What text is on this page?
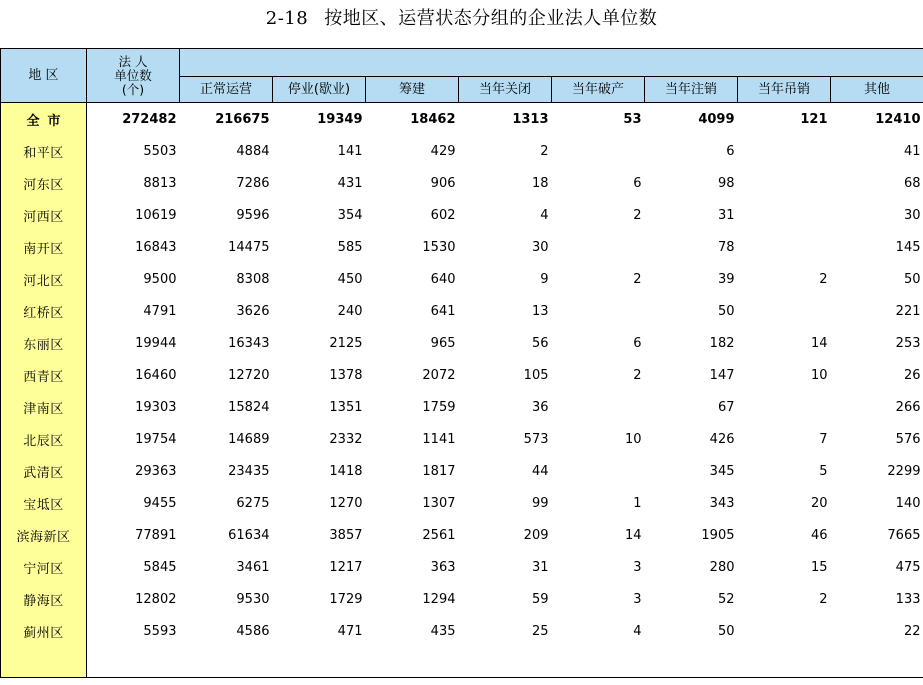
2-18 按地区、运营状态分组的企业法人单位数
地 区	法 人
单位数
(个)								

		正常运营	停业(歇业)	筹建	当年关闭	当年破产	当年注销	当年吊销	其他
全市	272482	216675	19349	18462	1313	53	4099	121	12410
和平区	5503	4884	141	429	2		6		41
河东区	8813	7286	431	906	18	6	98		68
河西区	10619	9596	354	602	4	2	31		30
南开区	16843	14475	585	1530	30		78		145
河北区	9500	8308	450	640	9	2	39	2	50
红桥区	4791	3626	240	641	13		50		221
东丽区	19944	16343	2125	965	56	6	182	14	253
西青区	16460	12720	1378	2072	105	2	147	10	26
津南区	19303	15824	1351	1759	36		67		266
北辰区	19754	14689	2332	1141	573	10	426	7	576
武清区	29363	23435	1418	1817	44		345	5	2299
宝坻区	9455	6275	1270	1307	99	1	343	20	140
滨海新区	77891	61634	3857	2561	209	14	1905	46	7665
宁河区	5845	3461	1217	363	31	3	280	15	475
静海区	12802	9530	1729	1294	59	3	52	2	133
蓟州区	5593	4586	471	435	25	4	50		22
